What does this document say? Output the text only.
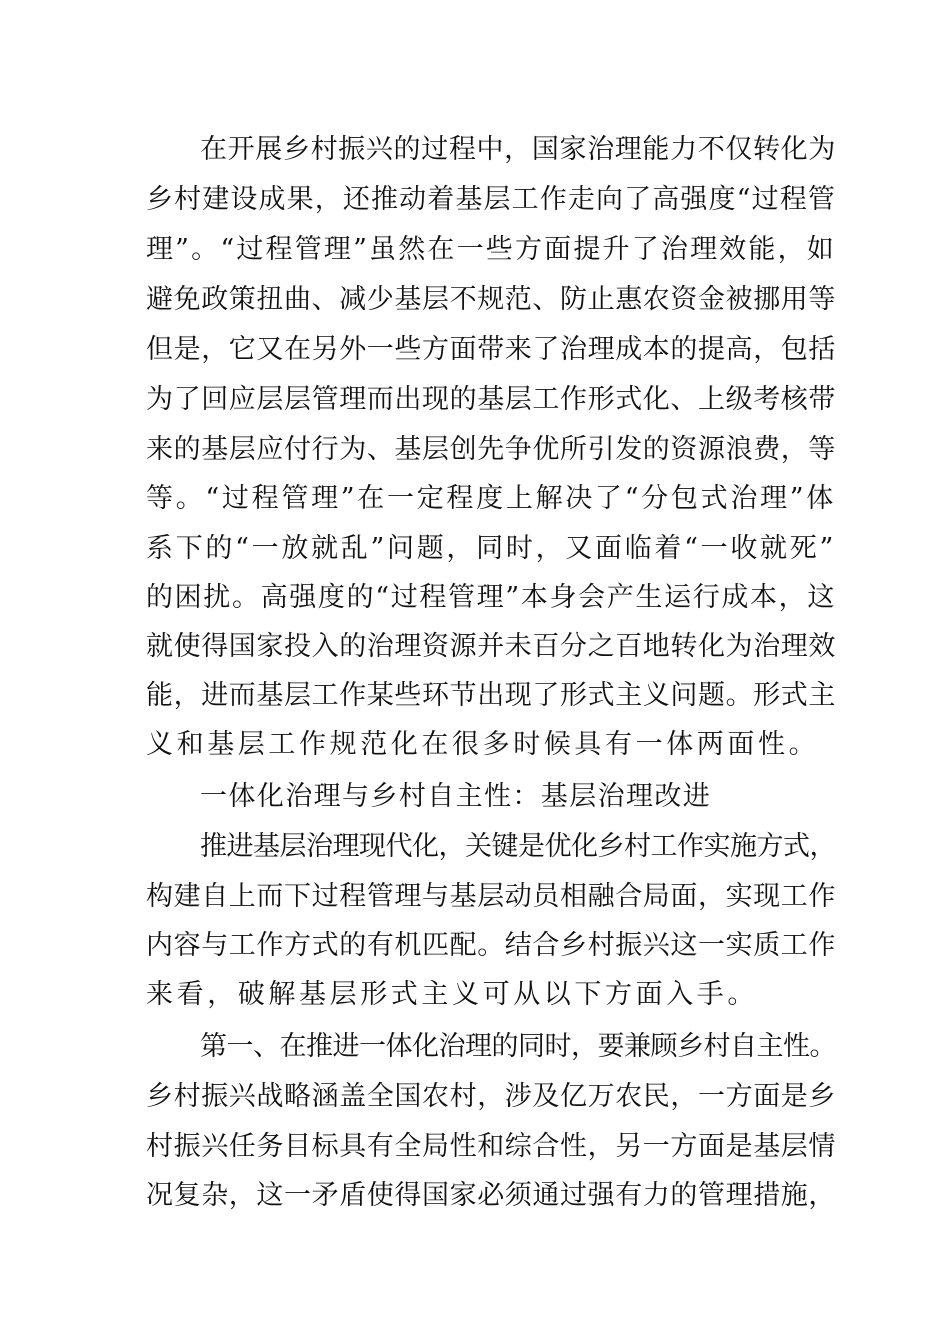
在开展乡村振兴的过程中，国家治理能力不仅转化为
乡村建设成果，还推动着基层工作走向了高强度“过程管
理”。“过程管理”虽然在一些方面提升了治理效能，如
避免政策扭曲、减少基层不规范、防止惠农资金被挪用等
但是，它又在另外一些方面带来了治理成本的提高，包括
为了回应层层管理而出现的基层工作形式化、上级考核带
来的基层应付行为、基层创先争优所引发的资源浪费，等
等。“过程管理”在一定程度上解决了“分包式治理”体
系下的“一放就乱”问题，同时，又面临着“一收就死”
的困扰。高强度的“过程管理”本身会产生运行成本，这
就使得国家投入的治理资源并未百分之百地转化为治理效
能，进而基层工作某些环节出现了形式主义问题。形式主
义和基层工作规范化在很多时候具有一体两面性。
一体化治理与乡村自主性：基层治理改进
推进基层治理现代化，关键是优化乡村工作实施方式，
构建自上而下过程管理与基层动员相融合局面，实现工作
内容与工作方式的有机匹配。结合乡村振兴这一实质工作
来看，破解基层形式主义可从以下方面入手。
第一、在推进一体化治理的同时，要兼顾乡村自主性。
乡村振兴战略涵盖全国农村，涉及亿万农民，一方面是乡
村振兴任务目标具有全局性和综合性，另一方面是基层情
况复杂，这一矛盾使得国家必须通过强有力的管理措施，
